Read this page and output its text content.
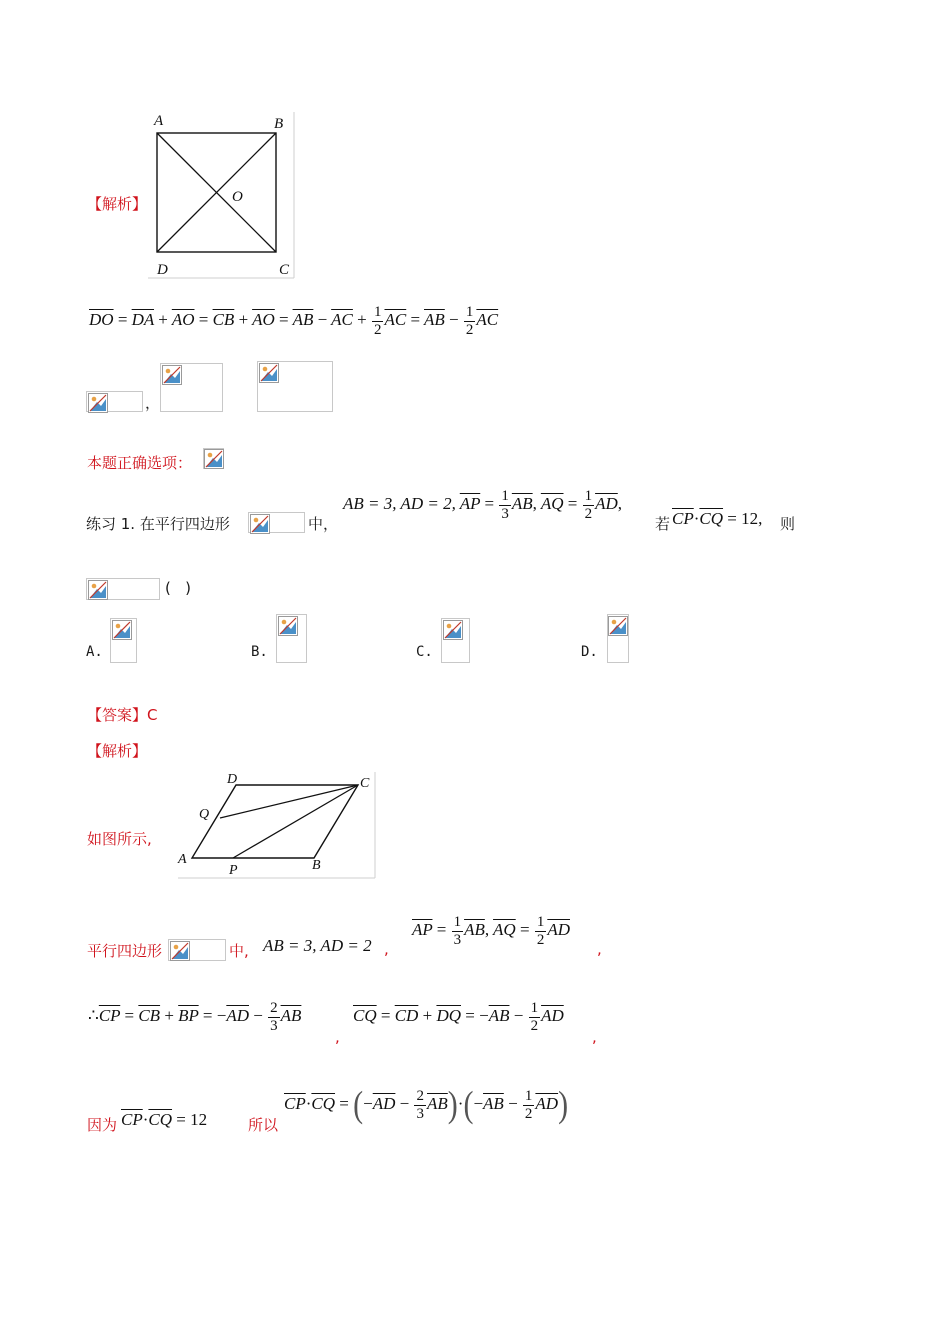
A	B
O
D	C
【解析】
$\overline{DO} = \overline{DA} + \overline{AO} = \overline{CB} + \overline{AO} = \overline{AB} - \overline{AC} + \frac{1}{2} \overline{AC} = \overline{AB} - \frac{1}{2} \overline{AC}$
，
本题正确选项：
练习 1. 在平行四边形	中，
AB = 3, AD = 2, $\overline{AP} = \frac{1}{3} \overline{AB}$, $\overline{AQ} = \frac{1}{2} \overline{AD}$,
若 $\overline{CP}\cdot\overline{CQ} = 12$, 则
(   )
A.	B.	C.	D.
【答案】C
【解析】
如图所示,
D	C
Q
A
P	B
平行四边形	中, AB = 3, AD = 2 ,
$\overline{AP} = \frac{1}{3} \overline{AB}$, $\overline{AQ} = \frac{1}{2} \overline{AD}$
,
$\therefore\overline{CP} = \overline{CB} + \overline{BP} = -\overline{AD} - \frac{2}{3} \overline{AB}$
,
$\overline{CQ} = \overline{CD} + \overline{DQ} = -\overline{AB} - \frac{1}{2} \overline{AD}$
,
因为 $\overline{CP}\cdot\overline{CQ} = 12$	所以
$\overline{CP}\cdot\overline{CQ} = (-\overline{AD} - \frac{2}{3} \overline{AB})\cdot(-\overline{AB} - \frac{1}{2} \overline{AD})$
